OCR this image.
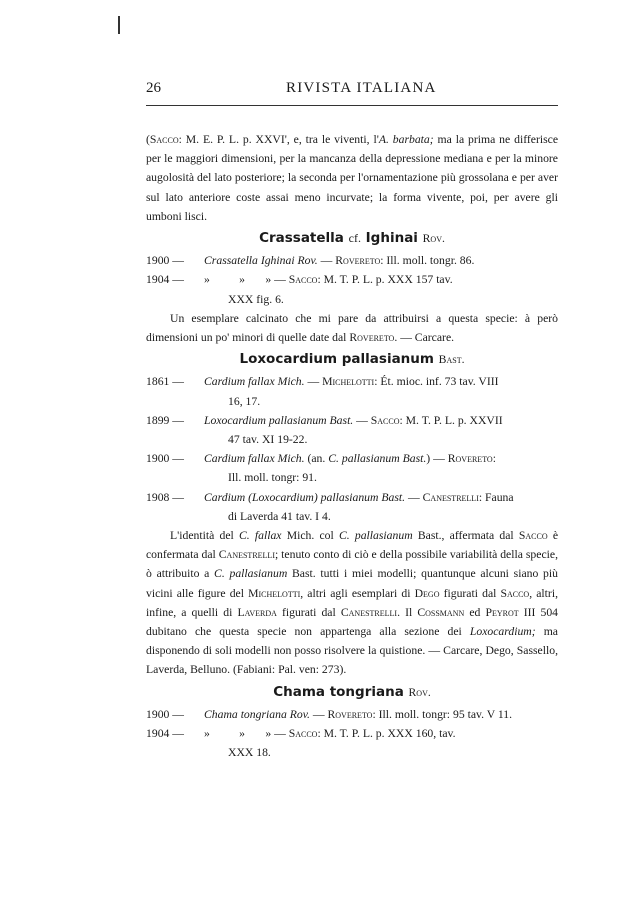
26	RIVISTA ITALIANA

(Sacco: M. E. P. L. p. XXVI', e, tra le viventi, l'A. barbata; ma la prima ne differisce per le maggiori dimensioni, per la mancanza della depressione mediana e per la minore augolosità del lato posteriore; la seconda per l'ornamentazione più grossolana e per aver sul lato anteriore coste assai meno incurvate; la forma vivente, poi, per avere gli umboni lisci.

Crassatella cf. Ighinai Rov.
1900 —	Crassatella Ighinai Rov. — Rovereto: Ill. moll. tongr. 86.
1904 —	»          »       » — Sacco: M. T. P. L. p. XXX 157 tav.
XXX fig. 6.

Un esemplare calcinato che mi pare da attribuirsi a questa specie: à però dimensioni un po' minori di quelle date dal Rovereto. — Carcare.

Loxocardium pallasianum Bast.
1861 —	Cardium fallax Mich. — Michelotti: Ét. mioc. inf. 73 tav. VIII
16, 17.
1899 —	Loxocardium pallasianum Bast. — Sacco: M. T. P. L. p. XXVII
47 tav. XI 19-22.
1900 —	Cardium fallax Mich. (an. C. pallasianum Bast.) — Rovereto:
Ill. moll. tongr: 91.
1908 —	Cardium (Loxocardium) pallasianum Bast. — Canestrelli: Fauna
di Laverda 41 tav. I 4.

L'identità del C. fallax Mich. col C. pallasianum Bast., affermata dal Sacco è confermata dal Canestrelli; tenuto conto di ciò e della possibile variabilità della specie, ò attribuito a C. pallasianum Bast. tutti i miei modelli; quantunque alcuni siano più vicini alle figure del Michelotti, altri agli esemplari di Dego figurati dal Sacco, altri, infine, a quelli di Laverda figurati dal Canestrelli. Il Cossmann ed Peyrot III 504 dubitano che questa specie non appartenga alla sezione dei Loxocardium; ma disponendo di soli modelli non posso risolvere la quistione. — Carcare, Dego, Sassello, Laverda, Belluno. (Fabiani: Pal. ven: 273).

Chama tongriana Rov.
1900 —	Chama tongriana Rov. — Rovereto: Ill. moll. tongr: 95 tav. V 11.
1904 —	»          »       » — Sacco: M. T. P. L. p. XXX 160, tav.
XXX 18.
